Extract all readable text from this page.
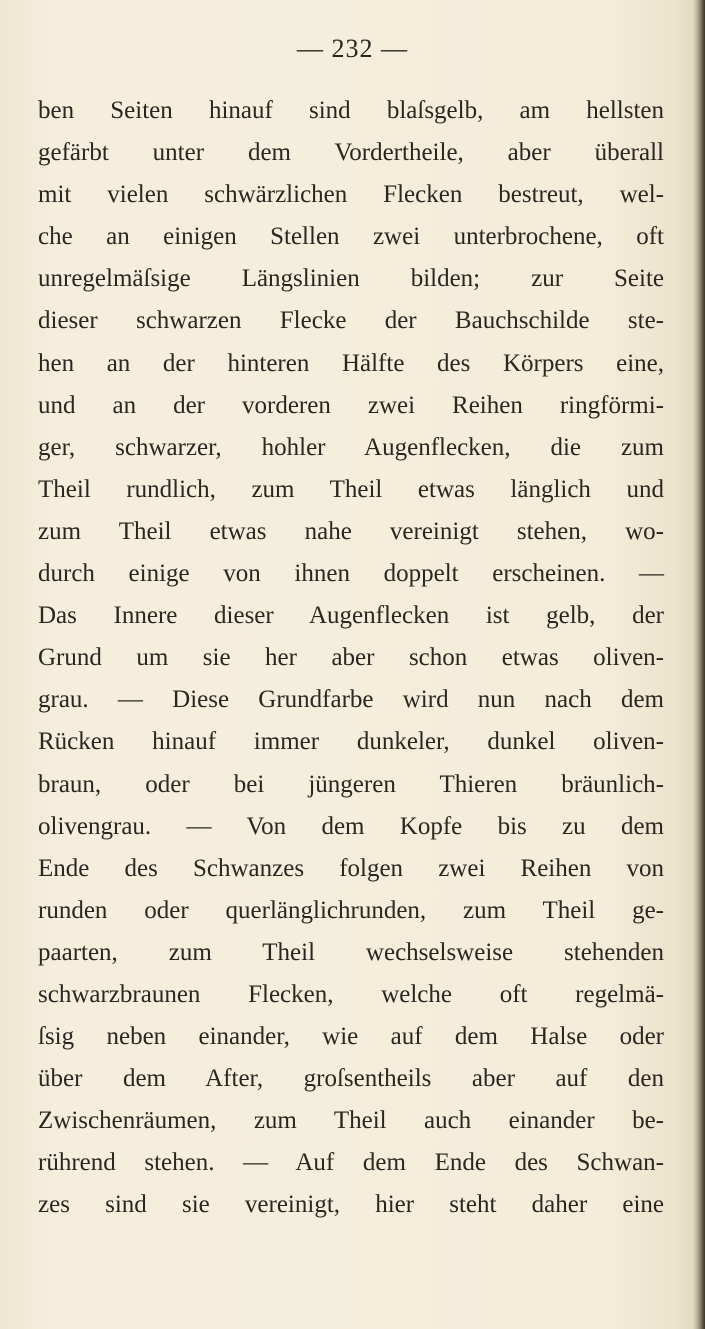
— 232 —
ben Seiten hinauf sind blaſsgelb, am hellsten
gefärbt unter dem Vordertheile, aber überall
mit vielen schwärzlichen Flecken bestreut, wel-
che an einigen Stellen zwei unterbrochene, oft
unregelmäſsige Längslinien bilden; zur Seite
dieser schwarzen Flecke der Bauchschilde ste-
hen an der hinteren Hälfte des Körpers eine,
und an der vorderen zwei Reihen ringförmi-
ger, schwarzer, hohler Augenflecken, die zum
Theil rundlich, zum Theil etwas länglich und
zum Theil etwas nahe vereinigt stehen, wo-
durch einige von ihnen doppelt erscheinen. —
Das Innere dieser Augenflecken ist gelb, der
Grund um sie her aber schon etwas oliven-
grau. — Diese Grundfarbe wird nun nach dem
Rücken hinauf immer dunkeler, dunkel oliven-
braun, oder bei jüngeren Thieren bräunlich-
olivengrau. — Von dem Kopfe bis zu dem
Ende des Schwanzes folgen zwei Reihen von
runden oder querlänglichrunden, zum Theil ge-
paarten, zum Theil wechselsweise stehenden
schwarzbraunen Flecken, welche oft regelmä-
ſsig neben einander, wie auf dem Halse oder
über dem After, groſsentheils aber auf den
Zwischenräumen, zum Theil auch einander be-
rührend stehen. — Auf dem Ende des Schwan-
zes sind sie vereinigt, hier steht daher eine
